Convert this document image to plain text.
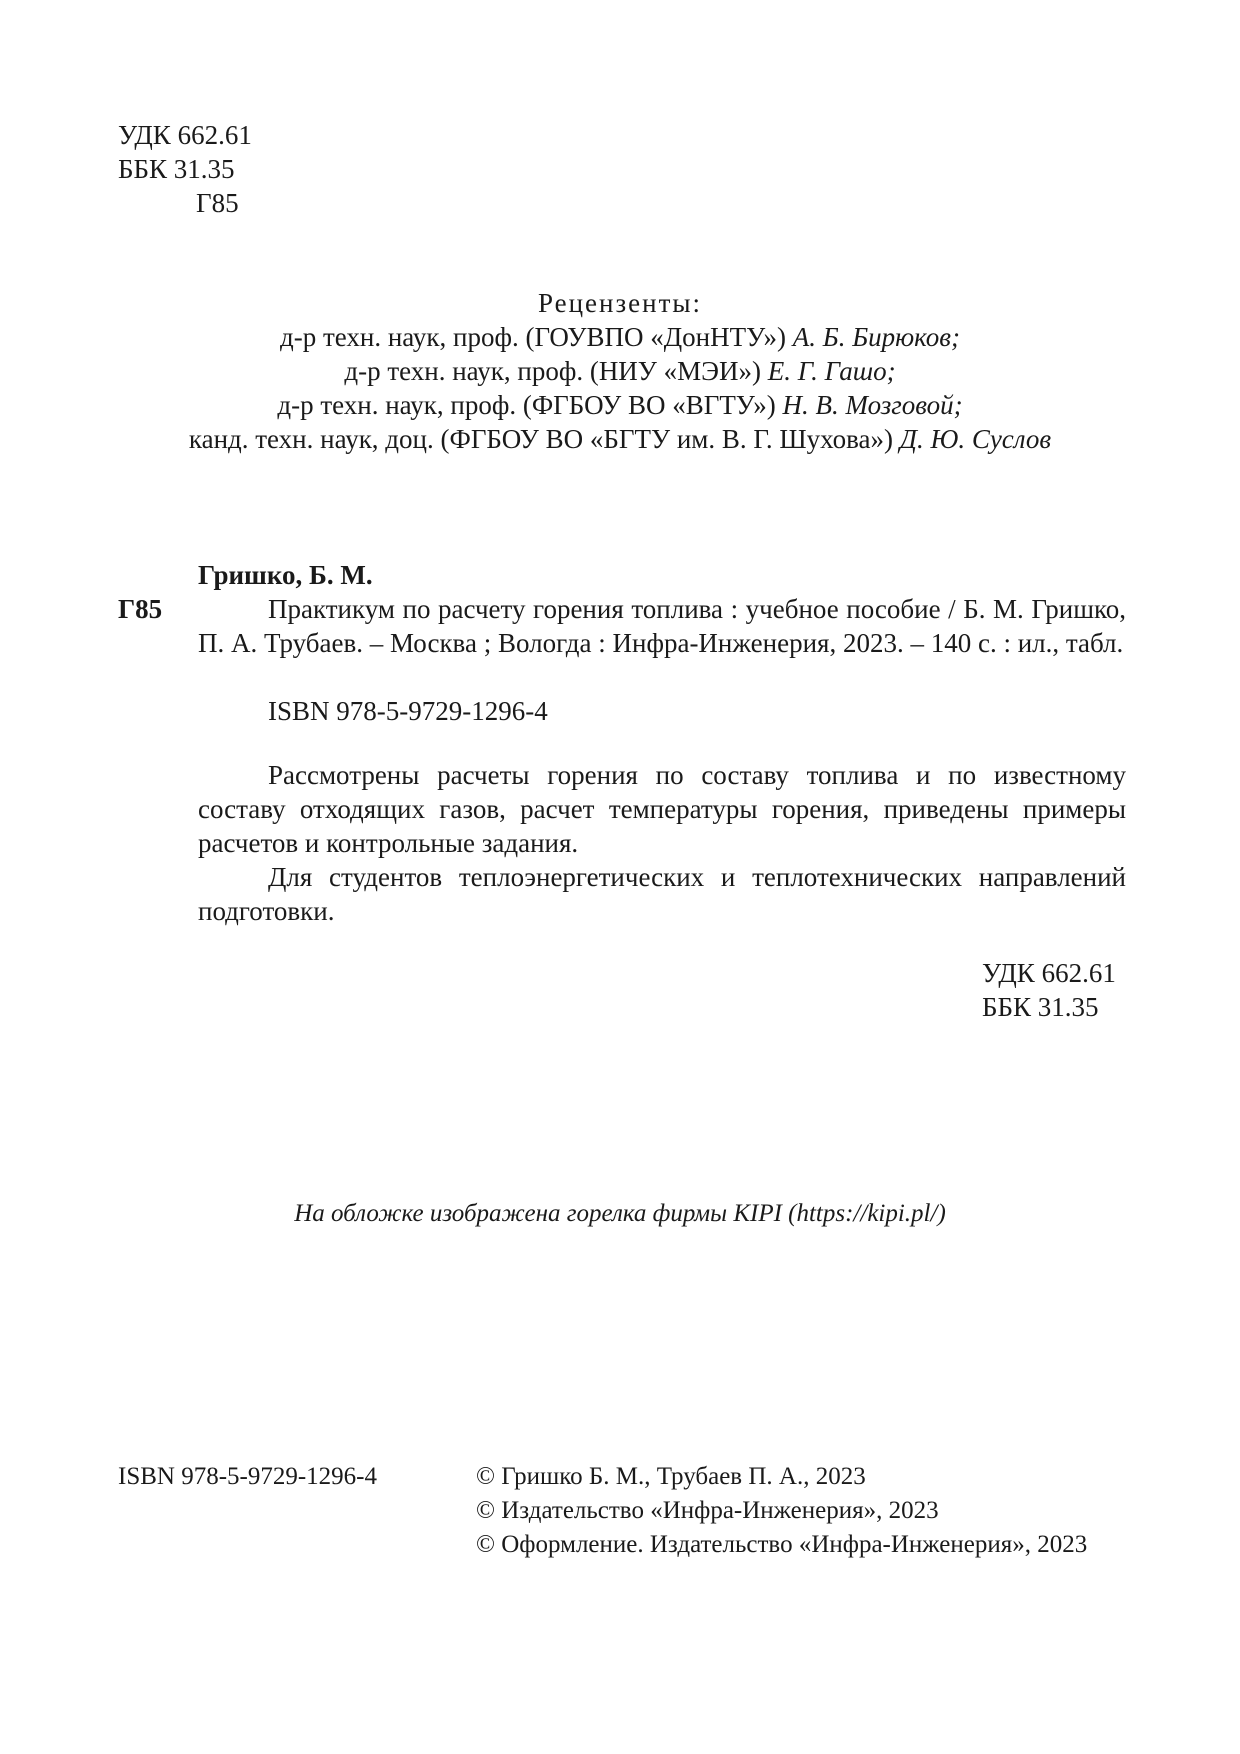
УДК 662.61
ББК 31.35
Г85
Рецензенты:
д-р техн. наук, проф. (ГОУВПО «ДонНТУ») А. Б. Бирюков;
д-р техн. наук, проф. (НИУ «МЭИ») Е. Г. Гашо;
д-р техн. наук, проф. (ФГБОУ ВО «ВГТУ») Н. В. Мозговой;
канд. техн. наук, доц. (ФГБОУ ВО «БГТУ им. В. Г. Шухова») Д. Ю. Суслов
Гришко, Б. М.
Г85	Практикум по расчету горения топлива : учебное пособие / Б. М. Гришко, П. А. Трубаев. – Москва ; Вологда : Инфра-Инженерия, 2023. – 140 с. : ил., табл.
ISBN 978-5-9729-1296-4
Рассмотрены расчеты горения по составу топлива и по известному составу отходящих газов, расчет температуры горения, приведены примеры расчетов и контрольные задания.
Для студентов теплоэнергетических и теплотехнических направлений подготовки.
УДК 662.61
ББК 31.35
На обложке изображена горелка фирмы KIPI (https://kipi.pl/)
ISBN 978-5-9729-1296-4	© Гришко Б. М., Трубаев П. А., 2023
© Издательство «Инфра-Инженерия», 2023
© Оформление. Издательство «Инфра-Инженерия», 2023
